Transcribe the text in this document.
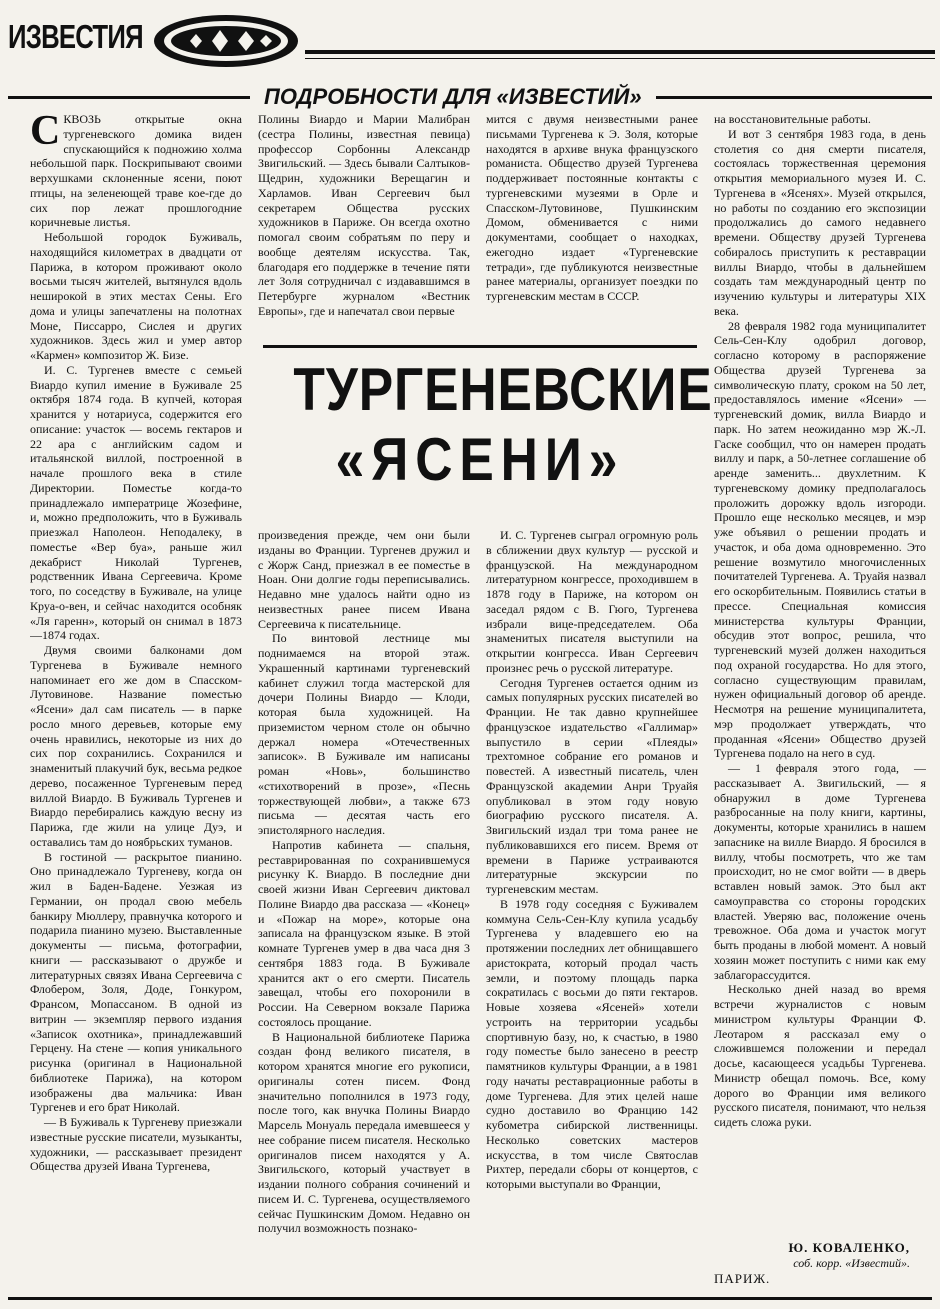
ИЗВЕСТИЯ
ПОДРОБНОСТИ ДЛЯ «ИЗВЕСТИЙ»

СКВОЗЬ открытые окна тургеневского домика виден спускающийся к подножию холма небольшой парк. Поскрипывают своими верхушками склоненные ясени, поют птицы, на зеленеющей траве кое-где до сих пор лежат прошлогодние коричневые листья.

Небольшой городок Буживаль, находящийся километрах в двадцати от Парижа, в котором проживают около восьми тысяч жителей, вытянулся вдоль неширокой в этих местах Сены. Его дома и улицы запечатлены на полотнах Моне, Писсарро, Сислея и других художников. Здесь жил и умер автор «Кармен» композитор Ж. Бизе.

И. С. Тургенев вместе с семьей Виардо купил имение в Буживале 25 октября 1874 года. В купчей, которая хранится у нотариуса, содержится его описание: участок — восемь гектаров и 22 ара с английским садом и итальянской виллой, построенной в начале прошлого века в стиле Директории. Поместье когда-то принадлежало императрице Жозефине, и, можно предположить, что в Буживаль приезжал Наполеон. Неподалеку, в поместье «Вер буа», раньше жил декабрист Николай Тургенев, родственник Ивана Сергеевича. Кроме того, по соседству в Буживале, на улице Круа-о-вен, и сейчас находится особняк «Ля гаренн», который он снимал в 1873—1874 годах.

Двумя своими балконами дом Тургенева в Буживале немного напоминает его же дом в Спасском-Лутовинове. Название поместью «Ясени» дал сам писатель — в парке росло много деревьев, которые ему очень нравились, некоторые из них до сих пор сохранились. Сохранился и знаменитый плакучий бук, весьма редкое дерево, посаженное Тургеневым перед виллой Виардо. В Буживаль Тургенев и Виардо перебирались каждую весну из Парижа, где жили на улице Дуэ, и оставались там до ноябрьских туманов.

В гостиной — раскрытое пианино. Оно принадлежало Тургеневу, когда он жил в Баден-Бадене. Уезжая из Германии, он продал свою мебель банкиру Мюллеру, правнучка которого и подарила пианино музею. Выставленные документы — письма, фотографии, книги — рассказывают о дружбе и литературных связях Ивана Сергеевича с Флобером, Золя, Доде, Гонкуром, Франсом, Мопассаном. В одной из витрин — экземпляр первого издания «Записок охотника», принадлежавший Герцену. На стене — копия уникального рисунка (оригинал в Национальной библиотеке Парижа), на котором изображены два мальчика: Иван Тургенев и его брат Николай.

— В Буживаль к Тургеневу приезжали известные русские писатели, музыканты, художники, — рассказывает президент Общества друзей Ивана Тургенева,

Полины Виардо и Марии Малибран (сестра Полины, известная певица) профессор Сорбонны Александр Звигильский. — Здесь бывали Салтыков-Щедрин, художники Верещагин и Харламов. Иван Сергеевич был секретарем Общества русских художников в Париже. Он всегда охотно помогал своим собратьям по перу и вообще деятелям искусства. Так, благодаря его поддержке в течение пяти лет Золя сотрудничал с издававшимся в Петербурге журналом «Вестник Европы», где и напечатал свои первые

мится с двумя неизвестными ранее письмами Тургенева к Э. Золя, которые находятся в архиве внука французского романиста. Общество друзей Тургенева поддерживает постоянные контакты с тургеневскими музеями в Орле и Спасском-Лутовинове, Пушкинским Домом, обменивается с ними документами, сообщает о находках, ежегодно издает «Тургеневские тетради», где публикуются неизвестные ранее материалы, организует поездки по тургеневским местам в СССР.

ТУРГЕНЕВСКИЕ
«ЯСЕНИ»

произведения прежде, чем они были изданы во Франции. Тургенев дружил и с Жорж Санд, приезжал в ее поместье в Ноан. Они долгие годы переписывались. Недавно мне удалось найти одно из неизвестных ранее писем Ивана Сергеевича к писательнице.

По винтовой лестнице мы поднимаемся на второй этаж. Украшенный картинами тургеневский кабинет служил тогда мастерской для дочери Полины Виардо — Клоди, которая была художницей. На приземистом черном столе он обычно держал номера «Отечественных записок». В Буживале им написаны роман «Новь», большинство «стихотворений в прозе», «Песнь торжествующей любви», а также 673 письма — десятая часть его эпистолярного наследия.

Напротив кабинета — спальня, реставрированная по сохранившемуся рисунку К. Виардо. В последние дни своей жизни Иван Сергеевич диктовал Полине Виардо два рассказа — «Конец» и «Пожар на море», которые она записала на французском языке. В этой комнате Тургенев умер в два часа дня 3 сентября 1883 года. В Буживале хранится акт о его смерти. Писатель завещал, чтобы его похоронили в России. На Северном вокзале Парижа состоялось прощание.

В Национальной библиотеке Парижа создан фонд великого писателя, в котором хранятся многие его рукописи, оригиналы сотен писем. Фонд значительно пополнился в 1973 году, после того, как внучка Полины Виардо Марсель Монуаль передала имевшееся у нее собрание писем писателя. Несколько оригиналов писем находятся у А. Звигильского, который участвует в издании полного собрания сочинений и писем И. С. Тургенева, осуществляемого сейчас Пушкинским Домом. Недавно он получил возможность познако-

И. С. Тургенев сыграл огромную роль в сближении двух культур — русской и французской. На международном литературном конгрессе, проходившем в 1878 году в Париже, на котором он заседал рядом с В. Гюго, Тургенева избрали вице-председателем. Оба знаменитых писателя выступили на открытии конгресса. Иван Сергеевич произнес речь о русской литературе.

Сегодня Тургенев остается одним из самых популярных русских писателей во Франции. Не так давно крупнейшее французское издательство «Галлимар» выпустило в серии «Плеяды» трехтомное собрание его романов и повестей. А известный писатель, член Французской академии Анри Труайя опубликовал в этом году новую биографию русского писателя. А. Звигильский издал три тома ранее не публиковавшихся его писем. Время от времени в Париже устраиваются литературные экскурсии по тургеневским местам.

В 1978 году соседняя с Буживалем коммуна Сель-Сен-Клу купила усадьбу Тургенева у владевшего ею на протяжении последних лет обнищавшего аристократа, который продал часть земли, и поэтому площадь парка сократилась с восьми до пяти гектаров. Новые хозяева «Ясеней» хотели устроить на территории усадьбы спортивную базу, но, к счастью, в 1980 году поместье было занесено в реестр памятников культуры Франции, а в 1981 году начаты реставрационные работы в доме Тургенева. Для этих целей наше судно доставило во Францию 142 кубометра сибирской лиственницы. Несколько советских мастеров искусства, в том числе Святослав Рихтер, передали сборы от концертов, с которыми выступали во Франции,

на восстановительные работы.

И вот 3 сентября 1983 года, в день столетия со дня смерти писателя, состоялась торжественная церемония открытия мемориального музея И. С. Тургенева в «Ясенях». Музей открылся, но работы по созданию его экспозиции продолжались до самого недавнего времени. Обществу друзей Тургенева собиралось приступить к реставрации виллы Виардо, чтобы в дальнейшем создать там международный центр по изучению культуры и литературы XIX века.

28 февраля 1982 года муниципалитет Сель-Сен-Клу одобрил договор, согласно которому в распоряжение Общества друзей Тургенева за символическую плату, сроком на 50 лет, предоставлялось имение «Ясени» — тургеневский домик, вилла Виардо и парк. Но затем неожиданно мэр Ж.-Л. Гаске сообщил, что он намерен продать виллу и парк, а 50-летнее соглашение об аренде заменить... двухлетним. К тургеневскому домику предполагалось проложить дорожку вдоль изгороди. Прошло еще несколько месяцев, и мэр уже объявил о решении продать и участок, и оба дома одновременно. Это решение возмутило многочисленных почитателей Тургенева. А. Труайя назвал его оскорбительным. Появились статьи в прессе. Специальная комиссия министерства культуры Франции, обсудив этот вопрос, решила, что тургеневский музей должен находиться под охраной государства. Но для этого, согласно существующим правилам, нужен официальный договор об аренде. Несмотря на решение муниципалитета, мэр продолжает утверждать, что проданная «Ясени» Общество друзей Тургенева подало на него в суд.

— 1 февраля этого года, — рассказывает А. Звигильский, — я обнаружил в доме Тургенева разбросанные на полу книги, картины, документы, которые хранились в нашем запаснике на вилле Виардо. Я бросился в виллу, чтобы посмотреть, что же там происходит, но не смог войти — в дверь вставлен новый замок. Это был акт самоуправства со стороны городских властей. Уверяю вас, положение очень тревожное. Оба дома и участок могут быть проданы в любой момент. А новый хозяин может поступить с ними как ему заблагорассудится.

Несколько дней назад во время встречи журналистов с новым министром культуры Франции Ф. Леотаром я рассказал ему о сложившемся положении и передал досье, касающееся усадьбы Тургенева. Министр обещал помочь. Все, кому дорого во Франции имя великого русского писателя, понимают, что нельзя сидеть сложа руки.

Ю. КОВАЛЕНКО,
соб. корр. «Известий».
ПАРИЖ.
